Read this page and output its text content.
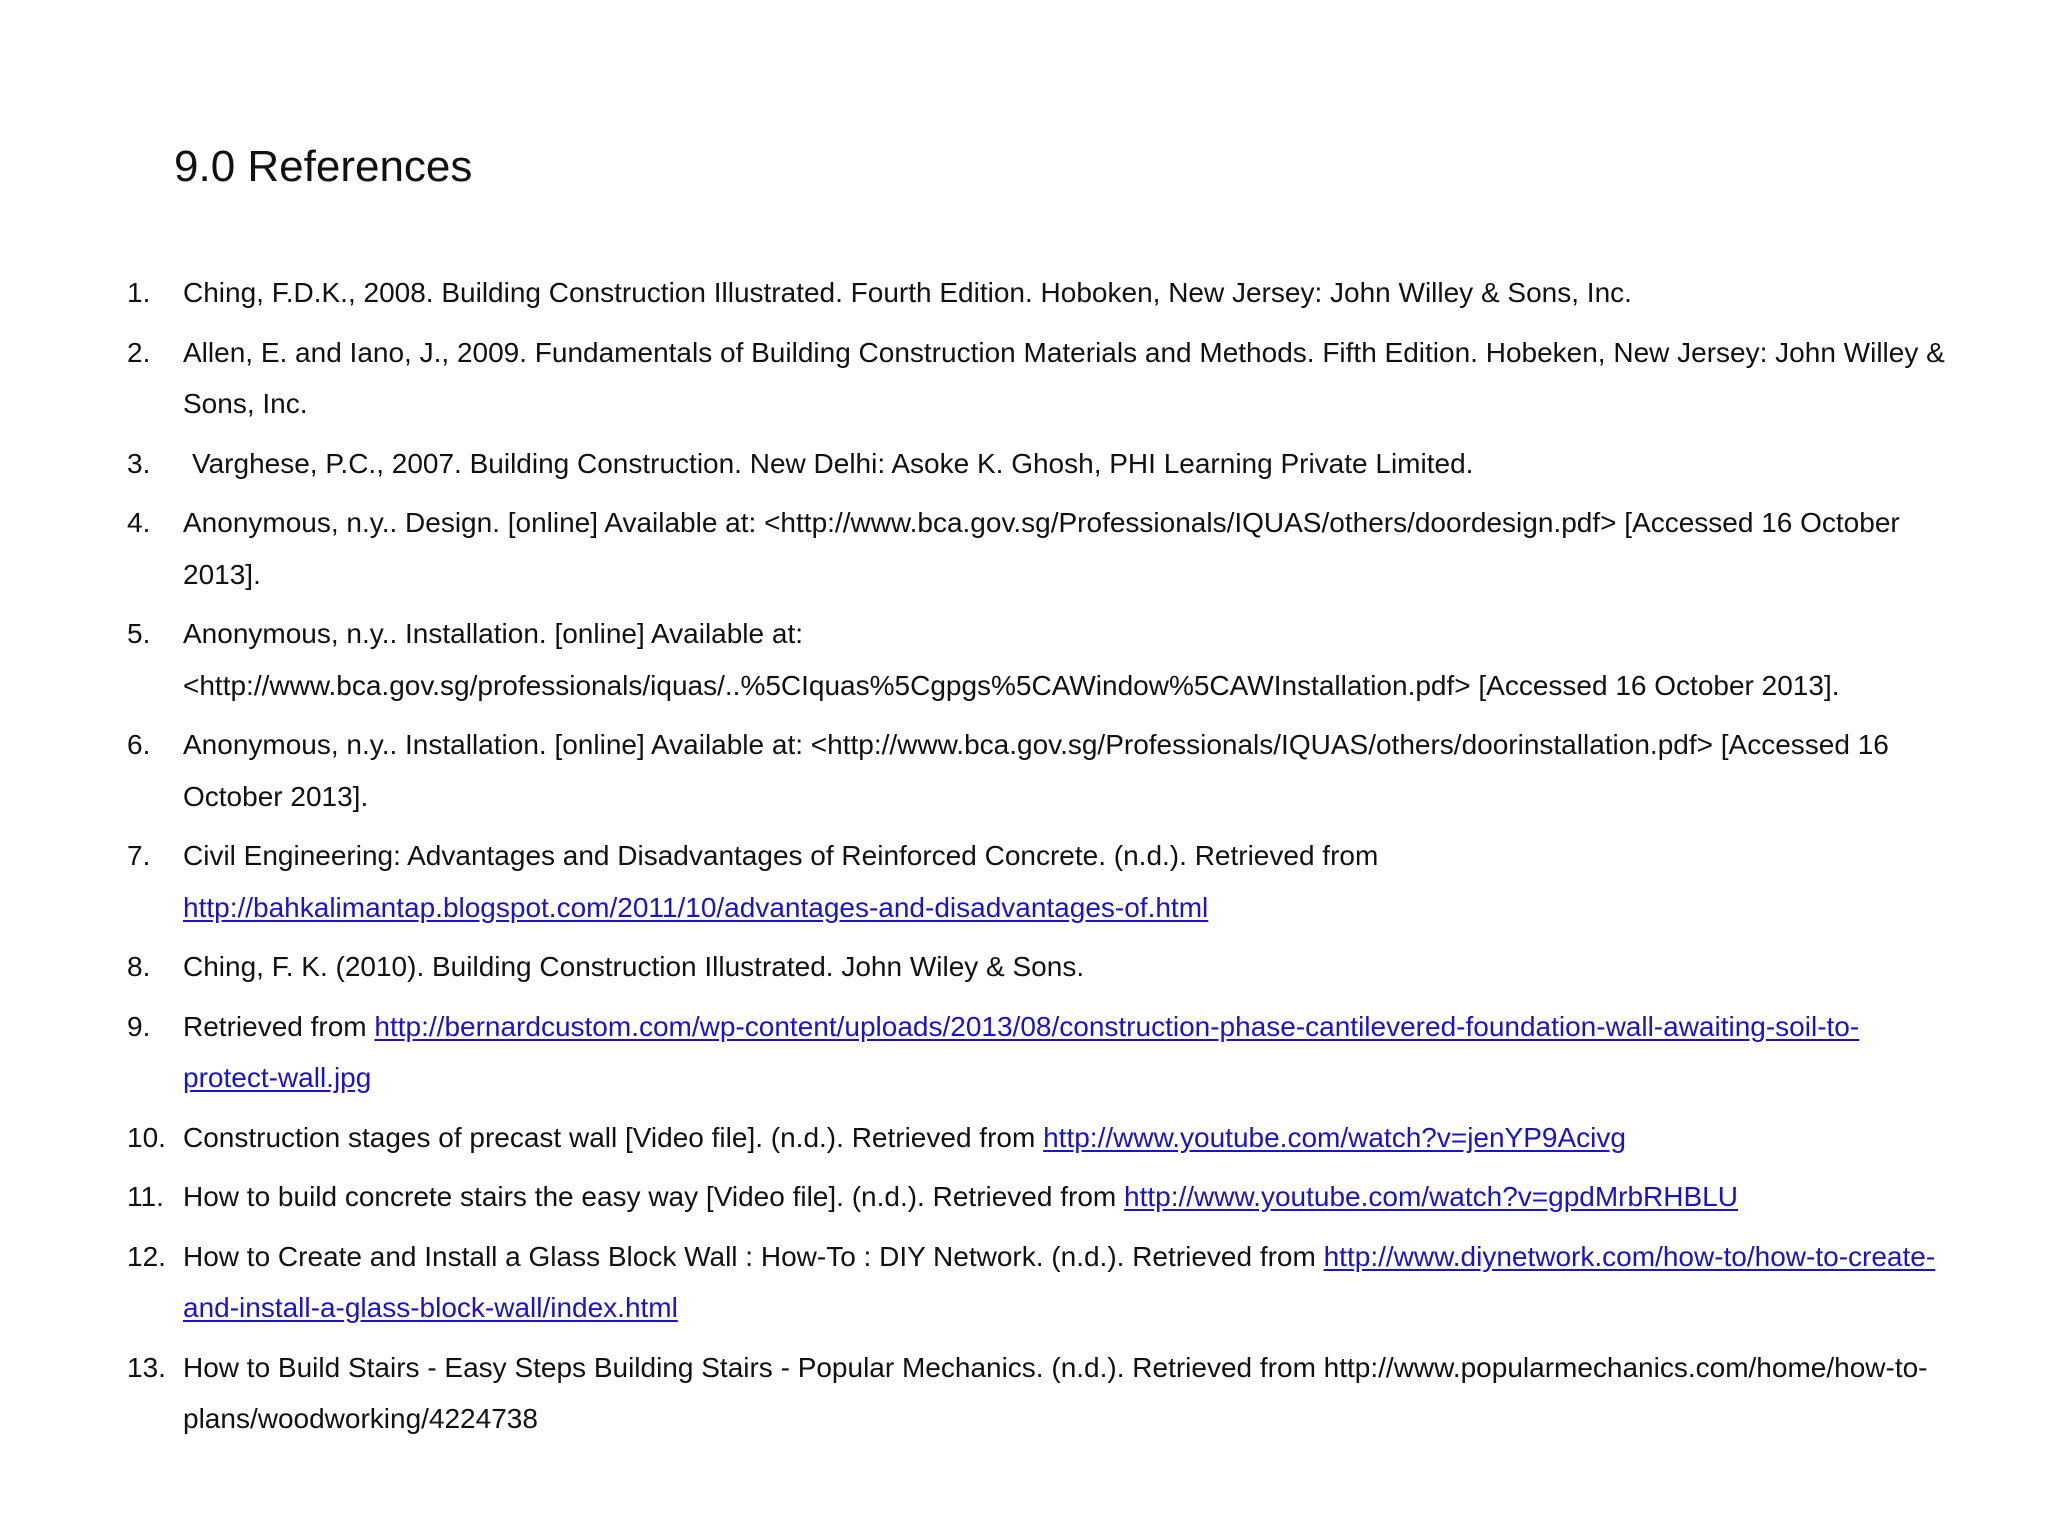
9.0 References
1.	Ching, F.D.K., 2008. Building Construction Illustrated. Fourth Edition. Hoboken, New Jersey: John Willey & Sons, Inc.
2.	Allen, E. and Iano, J., 2009. Fundamentals of Building Construction Materials and Methods. Fifth Edition. Hobeken, New Jersey: John Willey & Sons, Inc.
3.	Varghese, P.C., 2007. Building Construction. New Delhi: Asoke K. Ghosh, PHI Learning Private Limited.
4.	Anonymous, n.y.. Design. [online] Available at: <http://www.bca.gov.sg/Professionals/IQUAS/others/doordesign.pdf> [Accessed 16 October 2013].
5.	Anonymous, n.y.. Installation. [online] Available at:
<http://www.bca.gov.sg/professionals/iquas/..%5CIquas%5Cgpgs%5CAWindow%5CAWInstallation.pdf> [Accessed 16 October 2013].
6.	Anonymous, n.y.. Installation. [online] Available at: <http://www.bca.gov.sg/Professionals/IQUAS/others/doorinstallation.pdf> [Accessed 16 October 2013].
7.	Civil Engineering: Advantages and Disadvantages of Reinforced Concrete. (n.d.). Retrieved from
http://bahkalimantap.blogspot.com/2011/10/advantages-and-disadvantages-of.html
8.	Ching, F. K. (2010). Building Construction Illustrated. John Wiley & Sons.
9.	Retrieved from http://bernardcustom.com/wp-content/uploads/2013/08/construction-phase-cantilevered-foundation-wall-awaiting-soil-to-protect-wall.jpg
10. Construction stages of precast wall [Video file]. (n.d.). Retrieved from http://www.youtube.com/watch?v=jenYP9Acivg
11. How to build concrete stairs the easy way [Video file]. (n.d.). Retrieved from http://www.youtube.com/watch?v=gpdMrbRHBLU
12. How to Create and Install a Glass Block Wall : How-To : DIY Network. (n.d.). Retrieved from http://www.diynetwork.com/how-to/how-to-create-and-install-a-glass-block-wall/index.html
13. How to Build Stairs - Easy Steps Building Stairs - Popular Mechanics. (n.d.). Retrieved from http://www.popularmechanics.com/home/how-to-plans/woodworking/4224738
